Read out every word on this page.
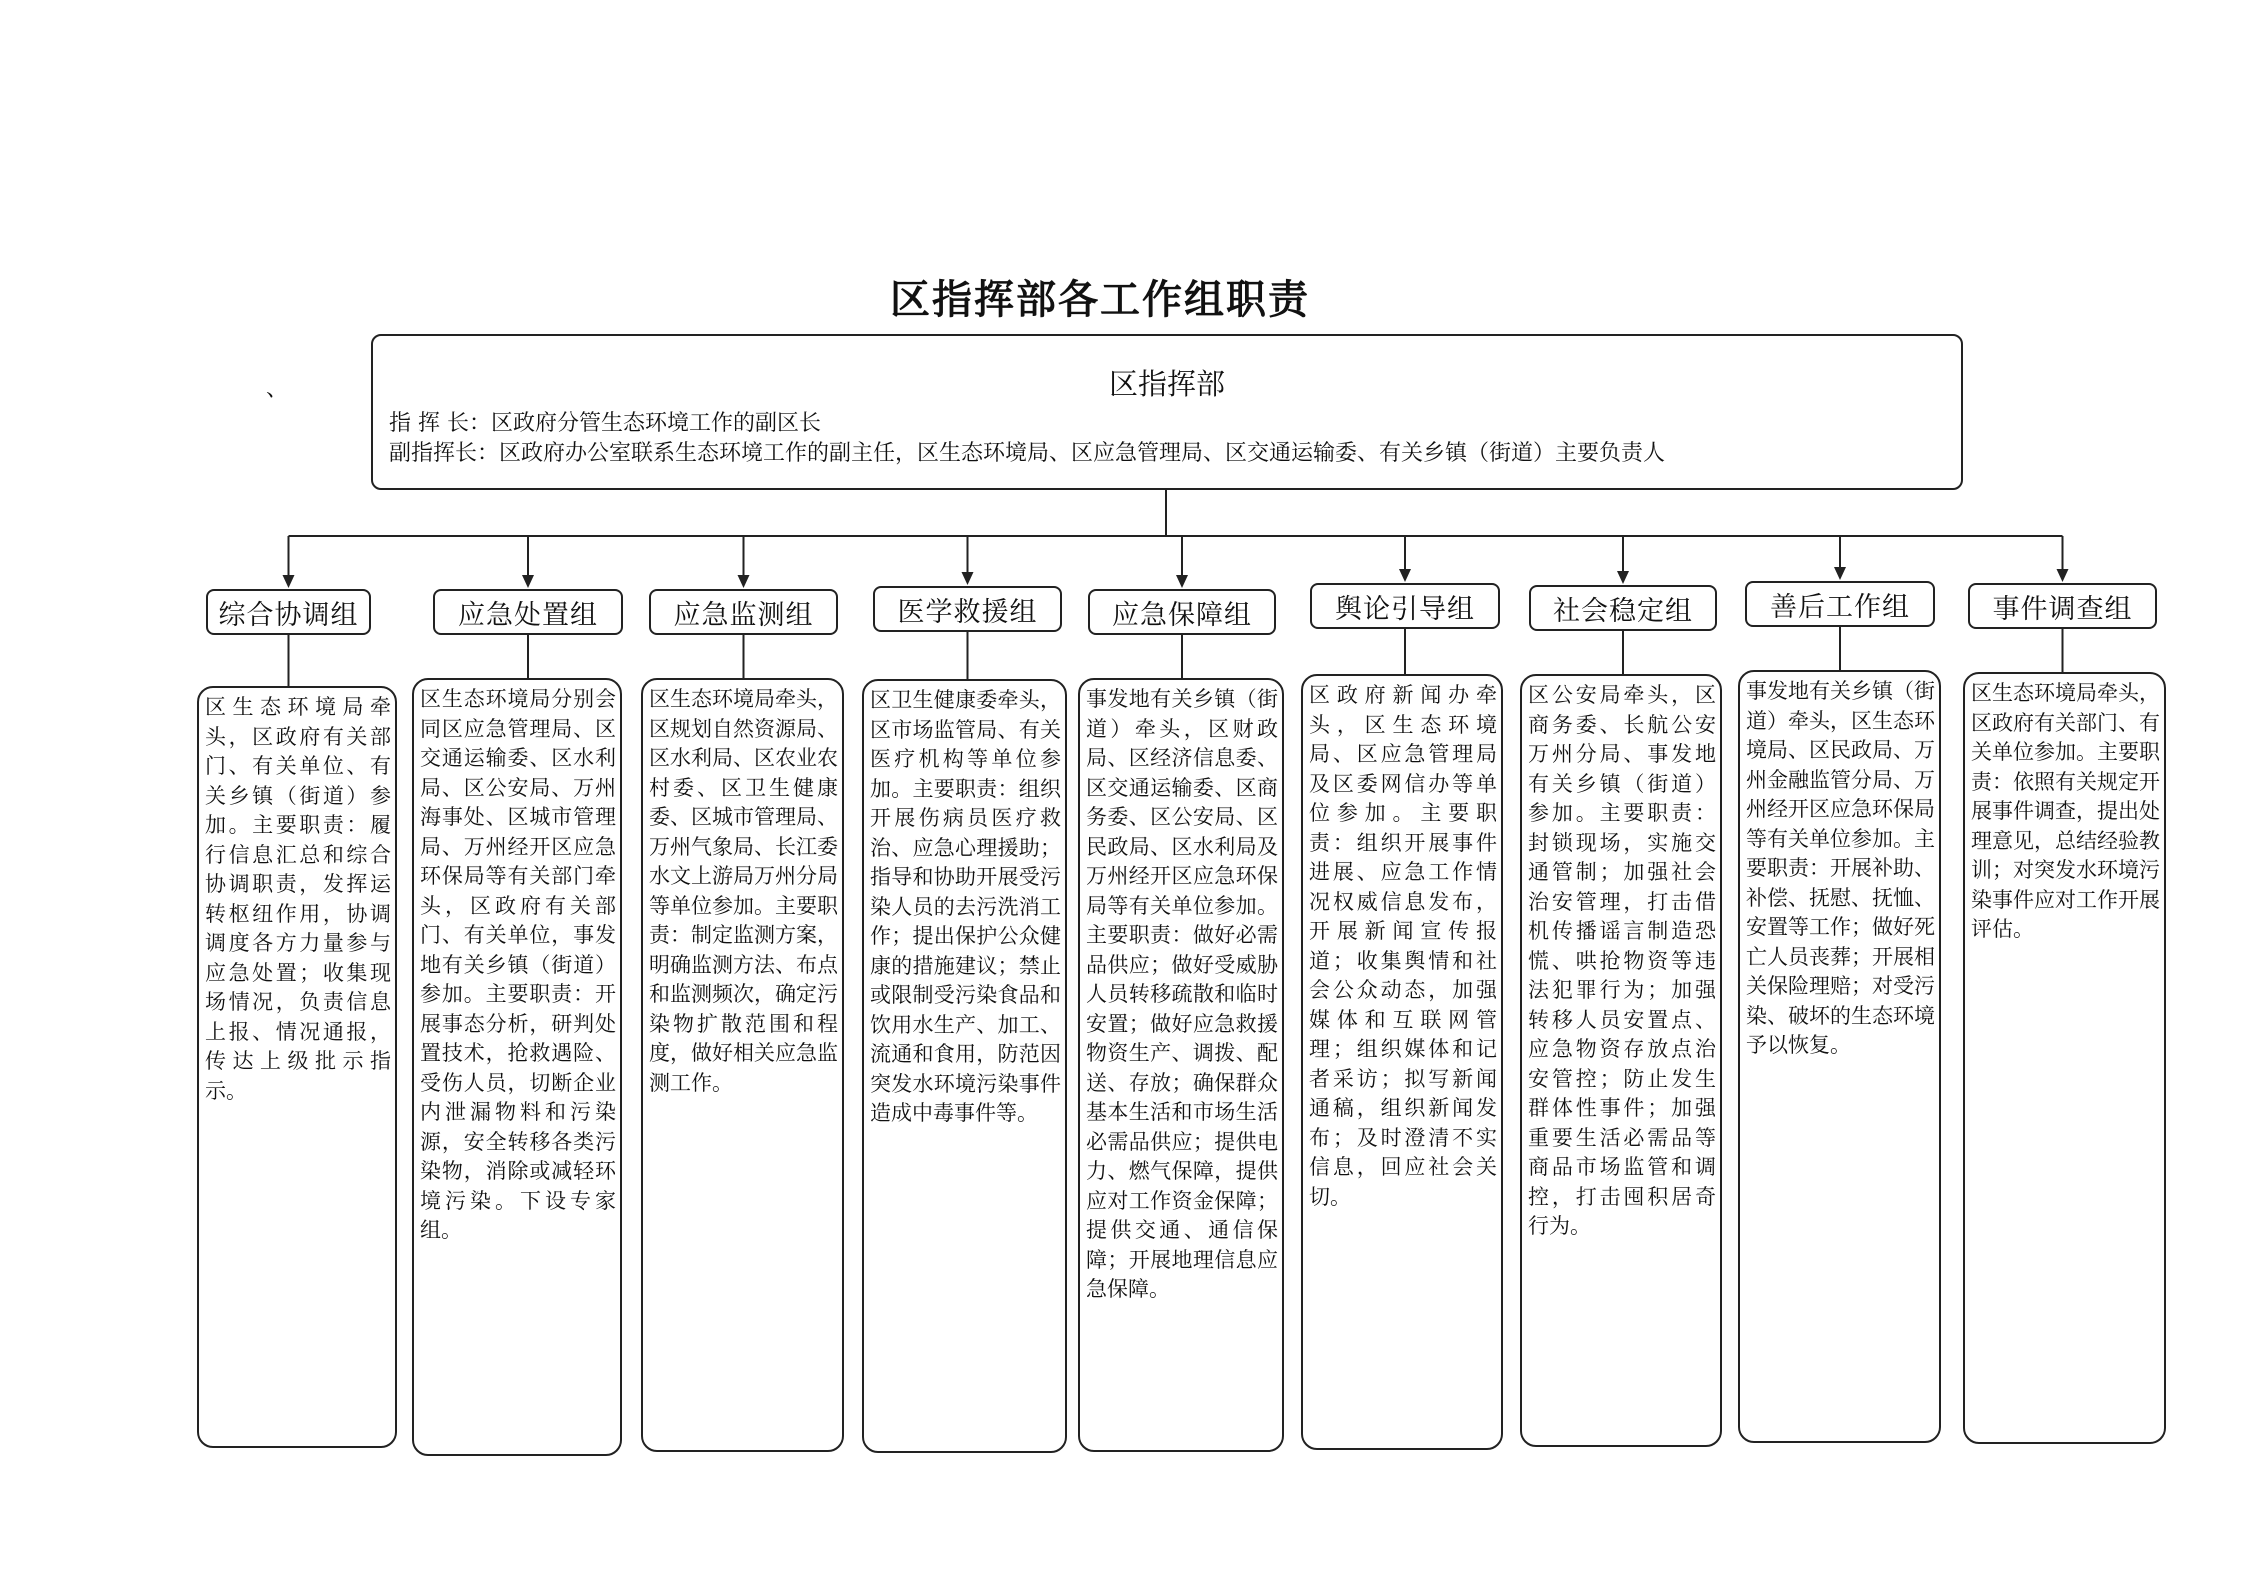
区指挥部各工作组职责
、	区指挥部
指 挥 长：区政府分管生态环境工作的副区长
副指挥长：区政府办公室联系生态环境工作的副主任，区生态环境局、区应急管理局、区交通运输委、有关乡镇（街道）主要负责人
综合协调组
区生态环境局牵头，区政府有关部门、有关单位、有关乡镇（街道）参加。主要职责：履行信息汇总和综合协调职责，发挥运转枢纽作用，协调调度各方力量参与应急处置；收集现场情况，负责信息上报、情况通报，传达上级批示指示。
应急处置组
区生态环境局分别会同区应急管理局、区交通运输委、区水利局、区公安局、万州海事处、区城市管理局、万州经开区应急环保局等有关部门牵头，区政府有关部门、有关单位，事发地有关乡镇（街道）参加。主要职责：开展事态分析，研判处置技术，抢救遇险、受伤人员，切断企业内泄漏物料和污染源，安全转移各类污染物，消除或减轻环境污染。下设专家组。
应急监测组
区生态环境局牵头，区规划自然资源局、区水利局、区农业农村委、区卫生健康委、区城市管理局、万州气象局、长江委水文上游局万州分局等单位参加。主要职责：制定监测方案，明确监测方法、布点和监测频次，确定污染物扩散范围和程度，做好相关应急监测工作。
医学救援组
区卫生健康委牵头，区市场监管局、有关医疗机构等单位参加。主要职责：组织开展伤病员医疗救治、应急心理援助；指导和协助开展受污染人员的去污洗消工作；提出保护公众健康的措施建议；禁止或限制受污染食品和饮用水生产、加工、流通和食用，防范因突发水环境污染事件造成中毒事件等。
应急保障组
事发地有关乡镇（街道）牵头，区财政局、区经济信息委、区交通运输委、区商务委、区公安局、区民政局、区水利局及万州经开区应急环保局等有关单位参加。主要职责：做好必需品供应；做好受威胁人员转移疏散和临时安置；做好应急救援物资生产、调拨、配送、存放；确保群众基本生活和市场生活必需品供应；提供电力、燃气保障，提供应对工作资金保障；提供交通、通信保障；开展地理信息应急保障。
舆论引导组
区政府新闻办牵头，区生态环境局、区应急管理局及区委网信办等单位参加。主要职责：组织开展事件进展、应急工作情况权威信息发布，开展新闻宣传报道；收集舆情和社会公众动态，加强媒体和互联网管理；组织媒体和记者采访；拟写新闻通稿，组织新闻发布；及时澄清不实信息，回应社会关切。
社会稳定组
区公安局牵头，区商务委、长航公安万州分局、事发地有关乡镇（街道）参加。主要职责：封锁现场，实施交通管制；加强社会治安管理，打击借机传播谣言制造恐慌、哄抢物资等违法犯罪行为；加强转移人员安置点、应急物资存放点治安管控；防止发生群体性事件；加强重要生活必需品等商品市场监管和调控，打击囤积居奇行为。
善后工作组
事发地有关乡镇（街道）牵头，区生态环境局、区民政局、万州金融监管分局、万州经开区应急环保局等有关单位参加。主要职责：开展补助、补偿、抚慰、抚恤、安置等工作；做好死亡人员丧葬；开展相关保险理赔；对受污染、破坏的生态环境予以恢复。
事件调查组
区生态环境局牵头，区政府有关部门、有关单位参加。主要职责：依照有关规定开展事件调查，提出处理意见，总结经验教训；对突发水环境污染事件应对工作开展评估。
